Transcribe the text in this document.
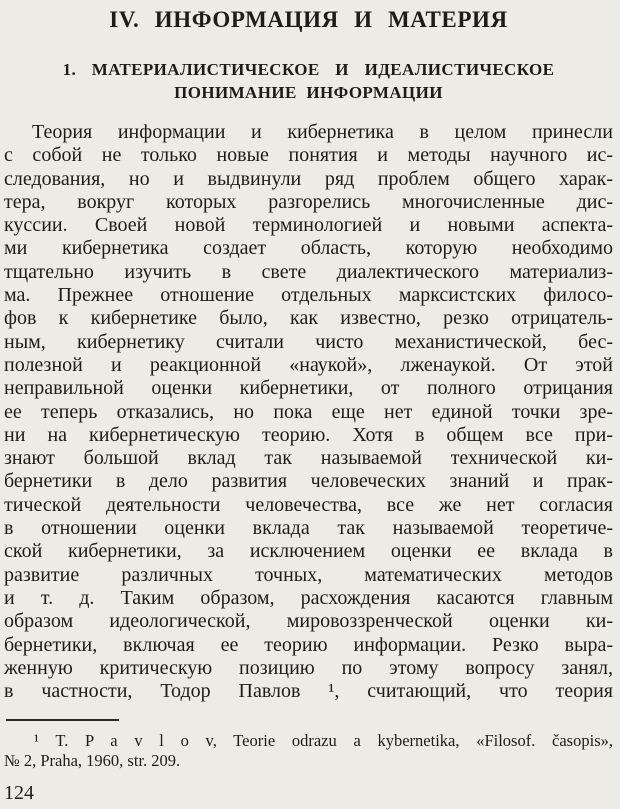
IV. ИНФОРМАЦИЯ И МАТЕРИЯ
1. МАТЕРИАЛИСТИЧЕСКОЕ И ИДЕАЛИСТИЧЕСКОЕ
ПОНИМАНИЕ ИНФОРМАЦИИ
Теория информации и кибернетика в целом принесли
с собой не только новые понятия и методы научного ис-
следования, но и выдвинули ряд проблем общего харак-
тера, вокруг которых разгорелись многочисленные дис-
куссии. Своей новой терминологией и новыми аспекта-
ми кибернетика создает область, которую необходимо
тщательно изучить в свете диалектического материализ-
ма. Прежнее отношение отдельных марксистских филосо-
фов к кибернетике было, как известно, резко отрицатель-
ным, кибернетику считали чисто механистической, бес-
полезной и реакционной «наукой», лженаукой. От этой
неправильной оценки кибернетики, от полного отрицания
ее теперь отказались, но пока еще нет единой точки зре-
ни на кибернетическую теорию. Хотя в общем все при-
знают большой вклад так называемой технической ки-
бернетики в дело развития человеческих знаний и прак-
тической деятельности человечества, все же нет согласия
в отношении оценки вклада так называемой теоретиче-
ской кибернетики, за исключением оценки ее вклада в
развитие различных точных, математических методов
и т. д. Таким образом, расхождения касаются главным
образом идеологической, мировоззренческой оценки ки-
бернетики, включая ее теорию информации. Резко выра-
женную критическую позицию по этому вопросу занял,
в частности, Тодор Павлов ¹, считающий, что теория
¹ T. P a v l o v, Teorie odrazu a kybernetika, «Filosof. časopis»,
№ 2, Praha, 1960, str. 209.
124
